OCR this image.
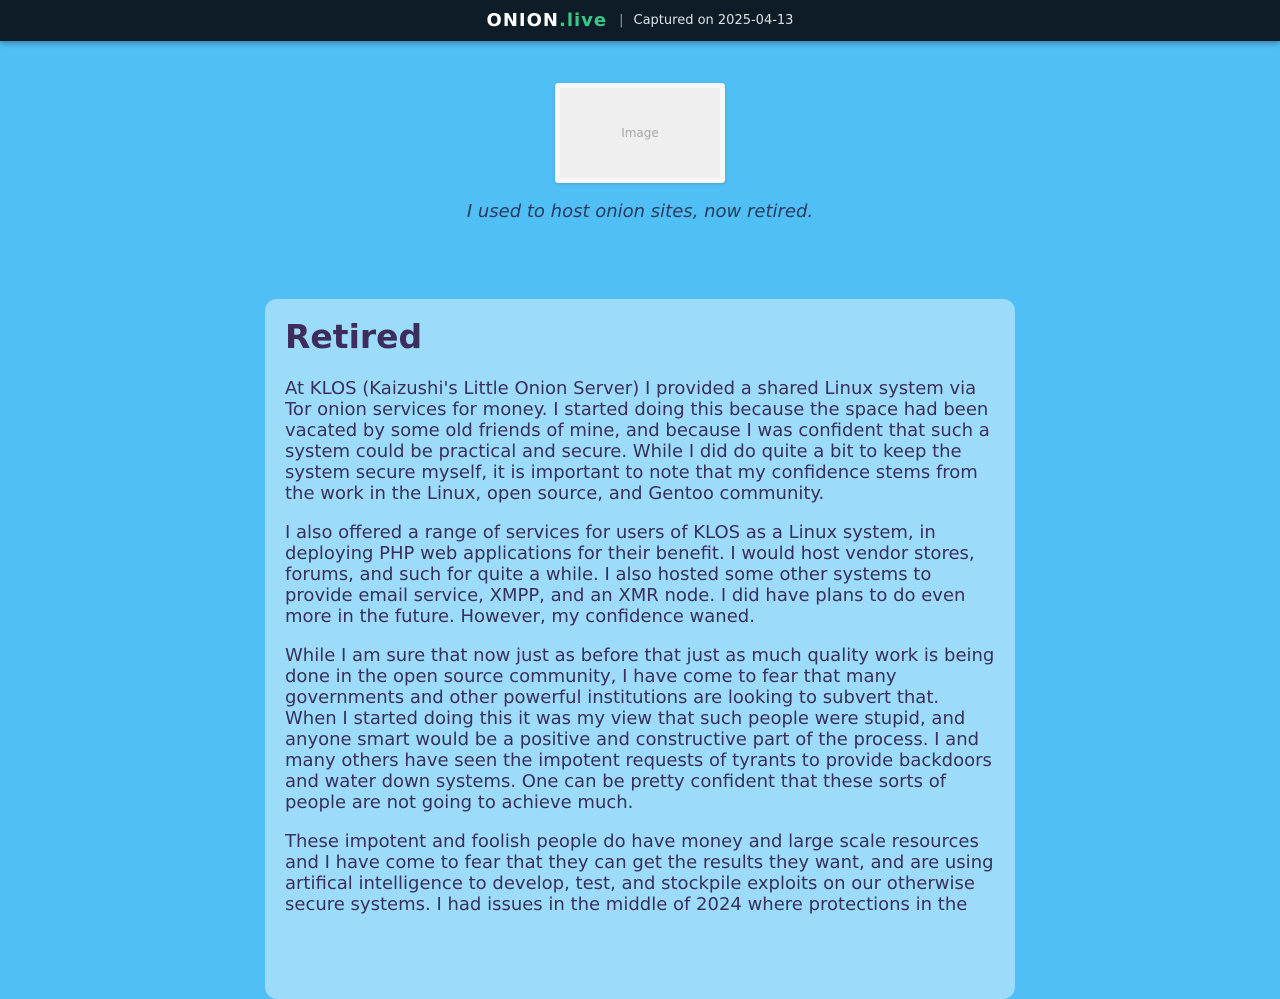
ONION.live | Captured on 2025-04-13
Image
I used to host onion sites, now retired.
Retired

At KLOS (Kaizushi's Little Onion Server) I provided a shared Linux system via Tor onion services for money. I started doing this because the space had been vacated by some old friends of mine, and because I was confident that such a system could be practical and secure. While I did do quite a bit to keep the system secure myself, it is important to note that my confidence stems from the work in the Linux, open source, and Gentoo community.

I also offered a range of services for users of KLOS as a Linux system, in deploying PHP web applications for their benefit. I would host vendor stores, forums, and such for quite a while. I also hosted some other systems to provide email service, XMPP, and an XMR node. I did have plans to do even more in the future. However, my confidence waned.

While I am sure that now just as before that just as much quality work is being done in the open source community, I have come to fear that many governments and other powerful institutions are looking to subvert that. When I started doing this it was my view that such people were stupid, and anyone smart would be a positive and constructive part of the process. I and many others have seen the impotent requests of tyrants to provide backdoors and water down systems. One can be pretty confident that these sorts of people are not going to achieve much.

These impotent and foolish people do have money and large scale resources and I have come to fear that they can get the results they want, and are using artifical intelligence to develop, test, and stockpile exploits on our otherwise secure systems. I had issues in the middle of 2024 where protections in the
